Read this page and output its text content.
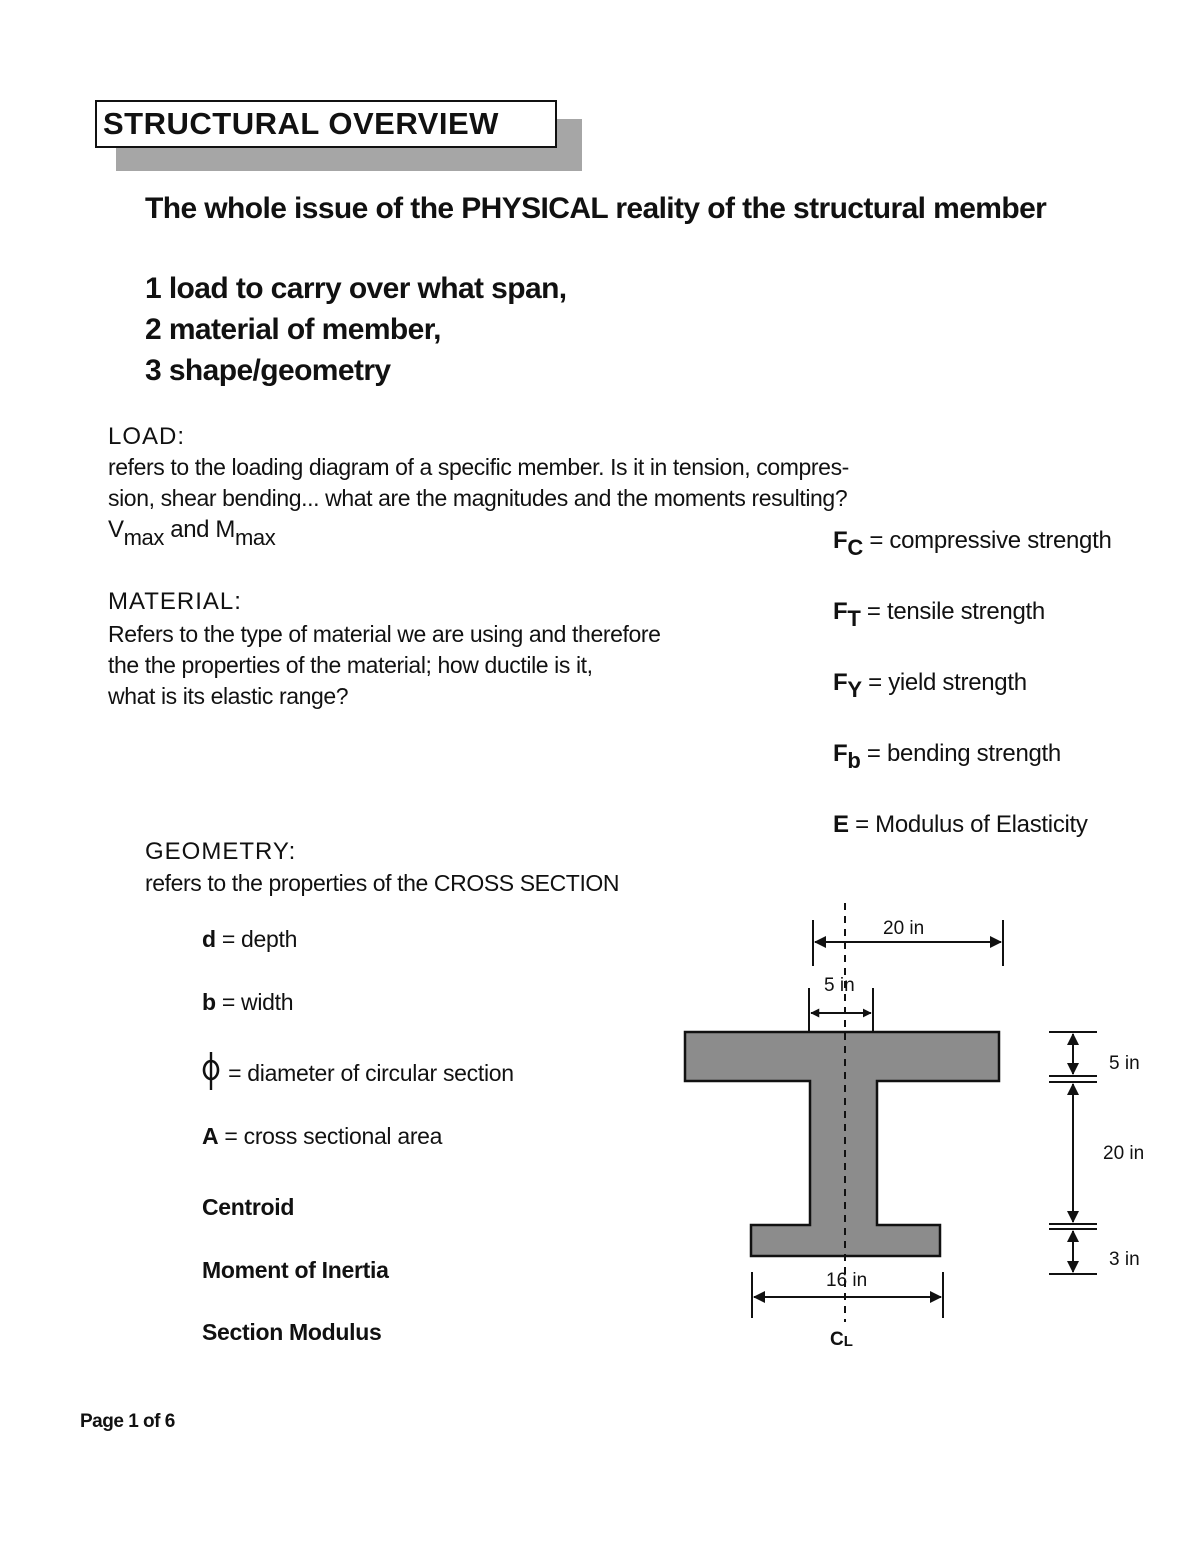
STRUCTURAL OVERVIEW
The whole issue of the PHYSICAL reality of the structural member
1 load to carry over what span,
2 material of member,
3 shape/geometry
LOAD:
refers to the loading diagram of a specific member. Is it in tension, compres-
sion, shear bending... what are the magnitudes and the moments resulting?
Vmax and Mmax
MATERIAL:
Refers to the type of material we are using and therefore
the the properties of the material; how ductile is it,
what is its elastic range?
$F_C$ = compressive strength
$F_T$ = tensile strength
$F_Y$ = yield strength
$F_b$ = bending strength
E = Modulus of Elasticity
GEOMETRY:
refers to the properties of the CROSS SECTION
d = depth
b = width
= diameter of circular section
A = cross sectional area
Centroid
Moment of Inertia
Section Modulus
20 in
5 in
16 in
5 in
20 in
3 in
CL
Page 1 of 6
